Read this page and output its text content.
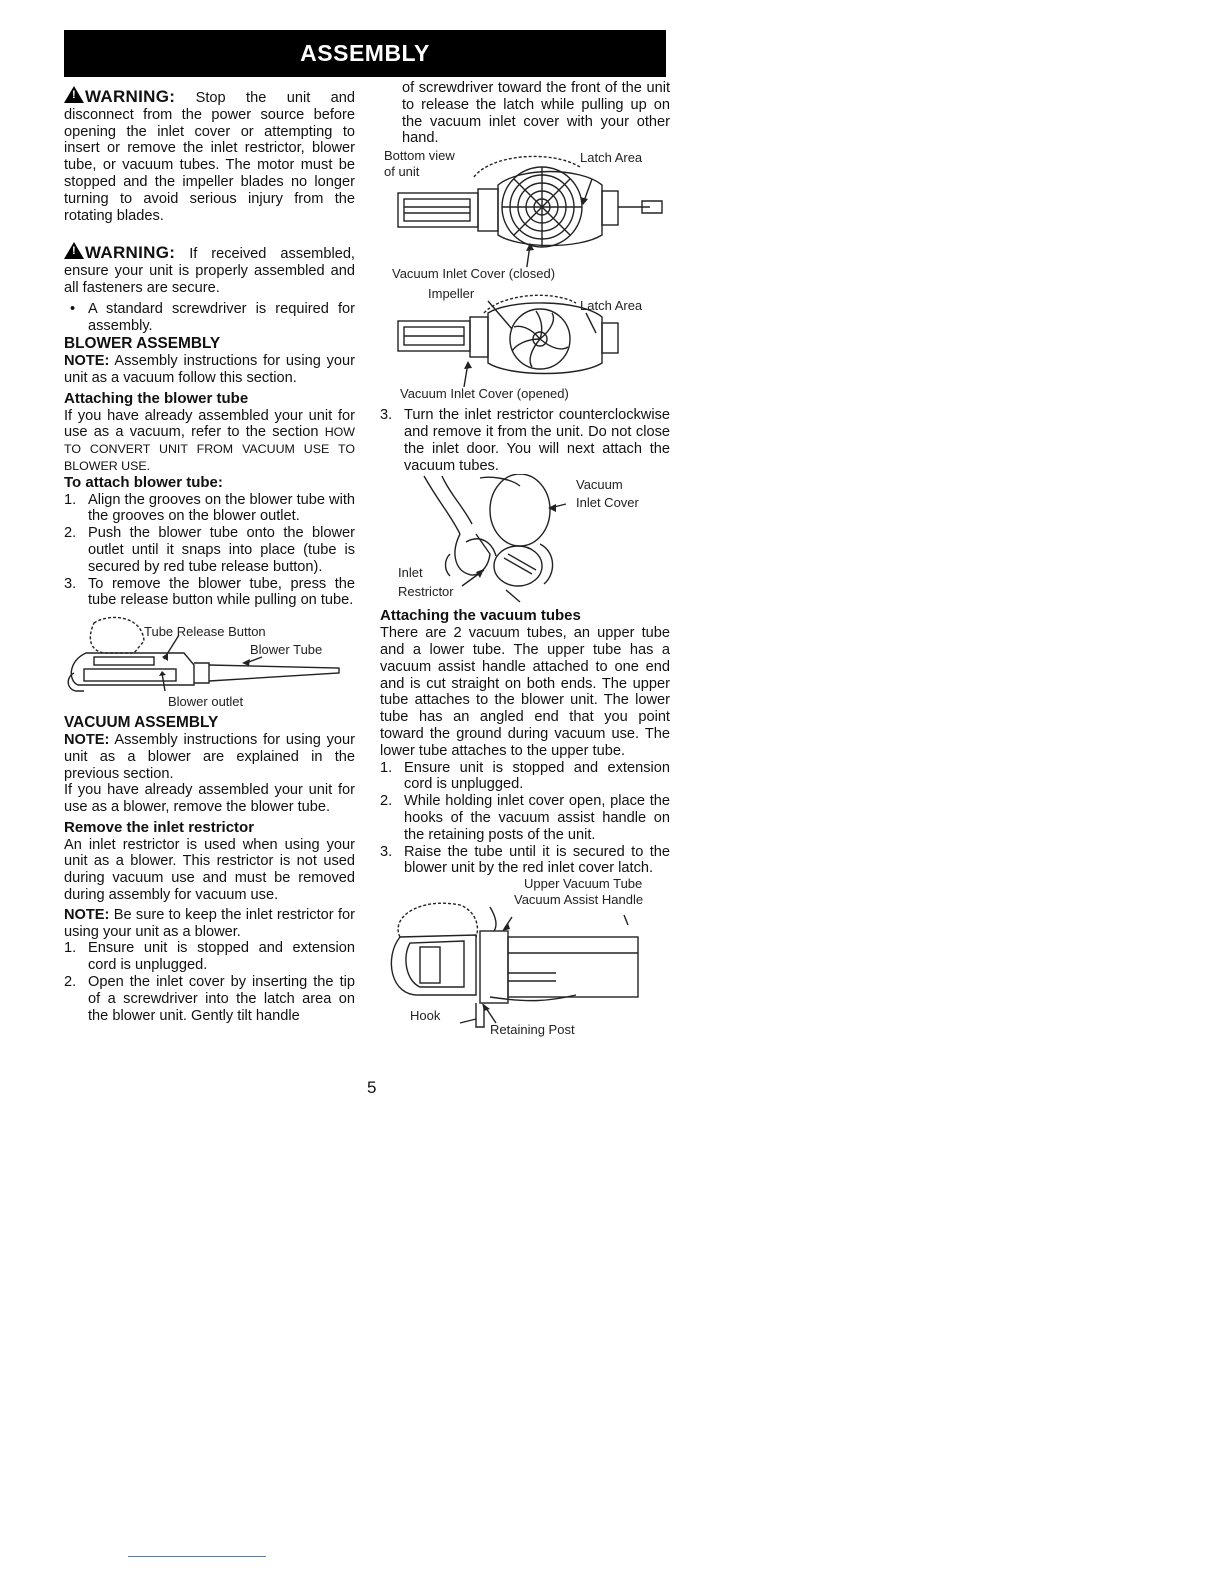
ASSEMBLY

!WARNING: Stop the unit and disconnect from the power source before opening the inlet cover or attempting to insert or remove the inlet restrictor, blower tube, or vacuum tubes. The motor must be stopped and the impeller blades no longer turning to avoid serious injury from the rotating blades.

!WARNING: If received assembled, ensure your unit is properly assembled and all fasteners are secure.

• A standard screwdriver is required for assembly.

BLOWER ASSEMBLY

NOTE: Assembly instructions for using your unit as a vacuum follow this section.

Attaching the blower tube

If you have already assembled your unit for use as a vacuum, refer to the section HOW TO CONVERT UNIT FROM VACUUM USE TO BLOWER USE.

To attach blower tube:

1. Align the grooves on the blower tube with the grooves on the blower outlet.
2. Push the blower tube onto the blower outlet until it snaps into place (tube is secured by red tube release button).
3. To remove the blower tube, press the tube release button while pulling on tube.
Tube Release Button
Blower Tube
Blower outlet

VACUUM ASSEMBLY

NOTE: Assembly instructions for using your unit as a blower are explained in the previous section.

If you have already assembled your unit for use as a blower, remove the blower tube.

Remove the inlet restrictor

An inlet restrictor is used when using your unit as a blower. This restrictor is not used during vacuum use and must be removed during assembly for vacuum use.

NOTE: Be sure to keep the inlet restrictor for using your unit as a blower.

1. Ensure unit is stopped and extension cord is unplugged.
2. Open the inlet cover by inserting the tip of a screwdriver into the latch area on the blower unit. Gently tilt handle

of screwdriver toward the front of the unit to release the latch while pulling up on the vacuum inlet cover with your other hand.

Bottom view
of unit
Latch Area
Vacuum Inlet Cover (closed)
Impeller
Latch Area
Vacuum Inlet Cover (opened)
3. Turn the inlet restrictor counterclockwise and remove it from the unit. Do not close the inlet door. You will next attach the vacuum tubes.
Vacuum
Inlet Cover
Inlet
Restrictor

Attaching the vacuum tubes

There are 2 vacuum tubes, an upper tube and a lower tube. The upper tube has a vacuum assist handle attached to one end and is cut straight on both ends. The upper tube attaches to the blower unit. The lower tube has an angled end that you point toward the ground during vacuum use. The lower tube attaches to the upper tube.

1. Ensure unit is stopped and extension cord is unplugged.
2. While holding inlet cover open, place the hooks of the vacuum assist handle on the retaining posts of the unit.
3. Raise the tube until it is secured to the blower unit by the red inlet cover latch.
Upper Vacuum Tube
Vacuum Assist Handle
Hook
Retaining Post
5
